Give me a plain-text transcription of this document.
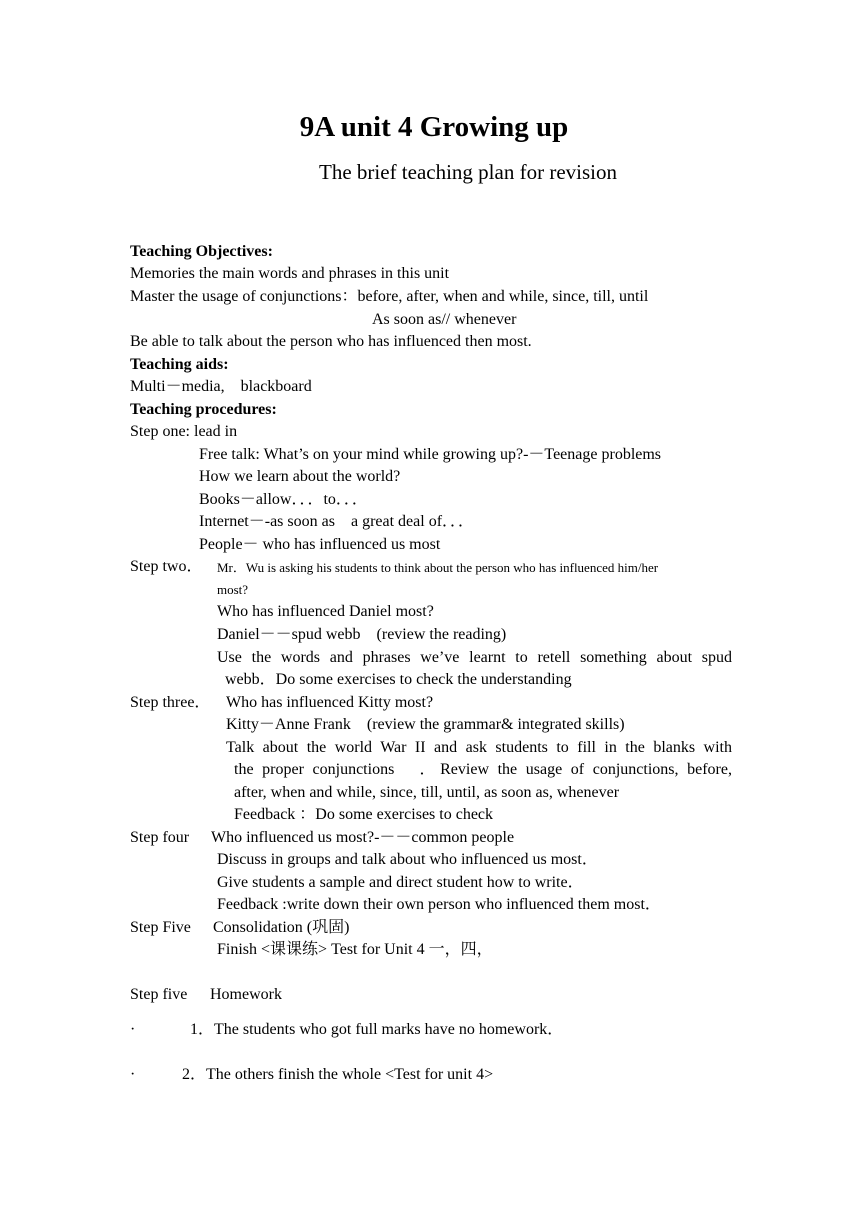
9A unit 4 Growing up
The brief teaching plan for revision
Teaching Objectives:
Memories the main words and phrases in this unit
Master the usage of conjunctions：before, after, when and while, since, till, until
As soon as// whenever
Be able to talk about the person who has influenced then most.
Teaching aids:
Multi－media,　blackboard
Teaching procedures:
Step one: lead in
Free talk: What’s on your mind while growing up?-－Teenage problems
How we learn about the world?
Books－allow．．．to．．．
Internet－-as soon as　a great deal of．．．
People－ who has influenced us most
Step two． Mr．Wu is asking his students to think about the person who has influenced him/her
most?
Who has influenced Daniel most?
Daniel－－spud webb　(review the reading)
Use the words and phrases we’ve learnt to retell something about spud
webb．Do some exercises to check the understanding
Step three． Who has influenced Kitty most?
Kitty－Anne Frank　(review the grammar& integrated skills)
Talk about the world War II and ask students to fill in the blanks with
the proper conjunctions　．Review the usage of conjunctions, before,
after, when and while, since, till, until, as soon as, whenever
Feedback ：Do some exercises to check
Step four Who influenced us most?-－－common people
Discuss in groups and talk about who influenced us most．
Give students a sample and direct student how to write．
Feedback :write down their own person who influenced them most．
Step Five Consolidation (巩固)
Finish <课课练> Test for Unit 4 一，四，
Step five Homework
·	1．The students who got full marks have no homework．
·	2．The others finish the whole <Test for unit 4>
